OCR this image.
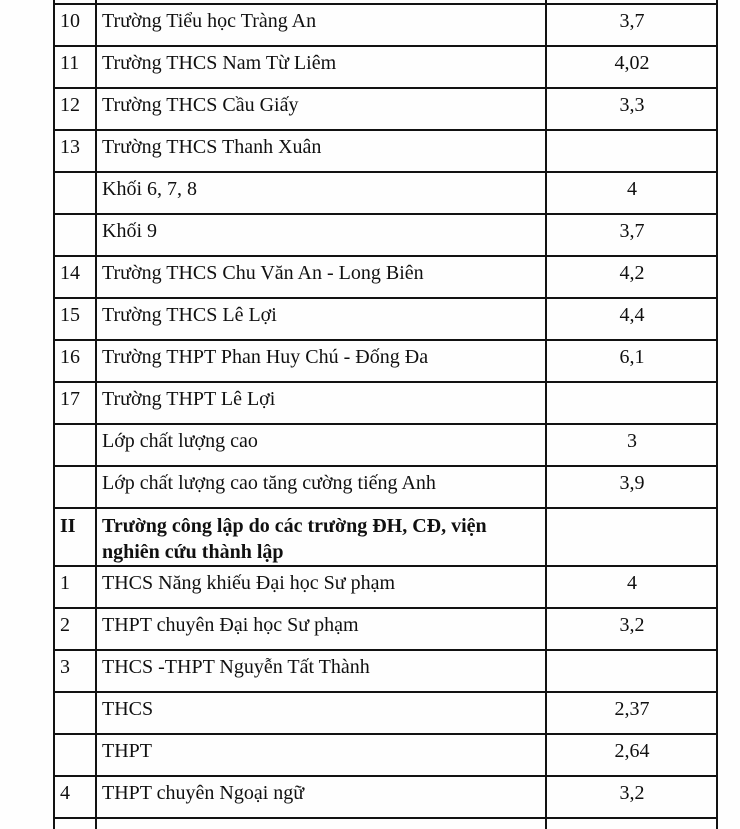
10	Trường Tiểu học Tràng An	3,7
11	Trường THCS Nam Từ Liêm	4,02
12	Trường THCS Cầu Giấy	3,3
13	Trường THCS Thanh Xuân	
	Khối 6, 7, 8	4
	Khối 9	3,7
14	Trường THCS Chu Văn An - Long Biên	4,2
15	Trường THCS Lê Lợi	4,4
16	Trường THPT Phan Huy Chú - Đống Đa	6,1
17	Trường THPT Lê Lợi	
	Lớp chất lượng cao	3
	Lớp chất lượng cao tăng cường tiếng Anh	3,9
II	Trường công lập do các trường ĐH, CĐ, viện nghiên cứu thành lập	
1	THCS Năng khiếu Đại học Sư phạm	4
2	THPT chuyên Đại học Sư phạm	3,2
3	THCS -THPT Nguyễn Tất Thành	
	THCS	2,37
	THPT	2,64
4	THPT chuyên Ngoại ngữ	3,2
